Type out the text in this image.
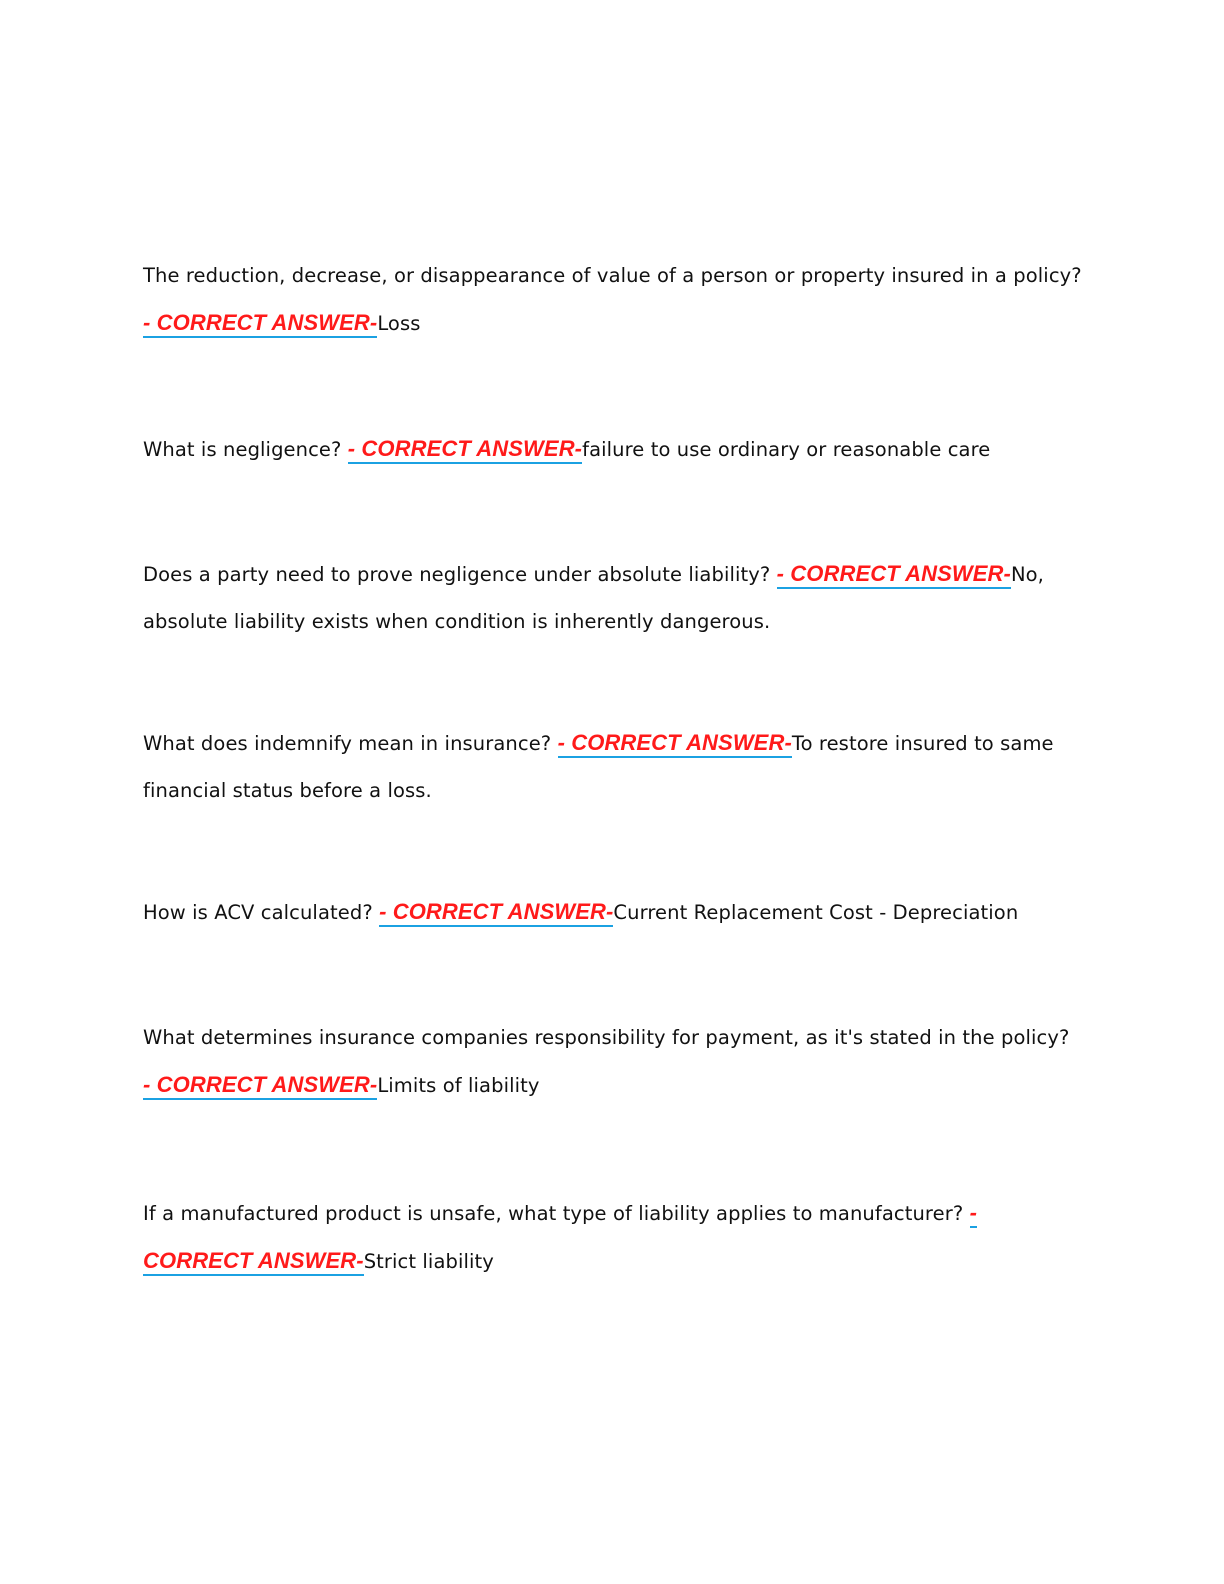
The reduction, decrease, or disappearance of value of a person or property insured in a policy? - CORRECT ANSWER-Loss
What is negligence? - CORRECT ANSWER-failure to use ordinary or reasonable care
Does a party need to prove negligence under absolute liability? - CORRECT ANSWER-No, absolute liability exists when condition is inherently dangerous.
What does indemnify mean in insurance? - CORRECT ANSWER-To restore insured to same financial status before a loss.
How is ACV calculated? - CORRECT ANSWER-Current Replacement Cost - Depreciation
What determines insurance companies responsibility for payment, as it's stated in the policy? - CORRECT ANSWER-Limits of liability
If a manufactured product is unsafe, what type of liability applies to manufacturer? - CORRECT ANSWER-Strict liability
